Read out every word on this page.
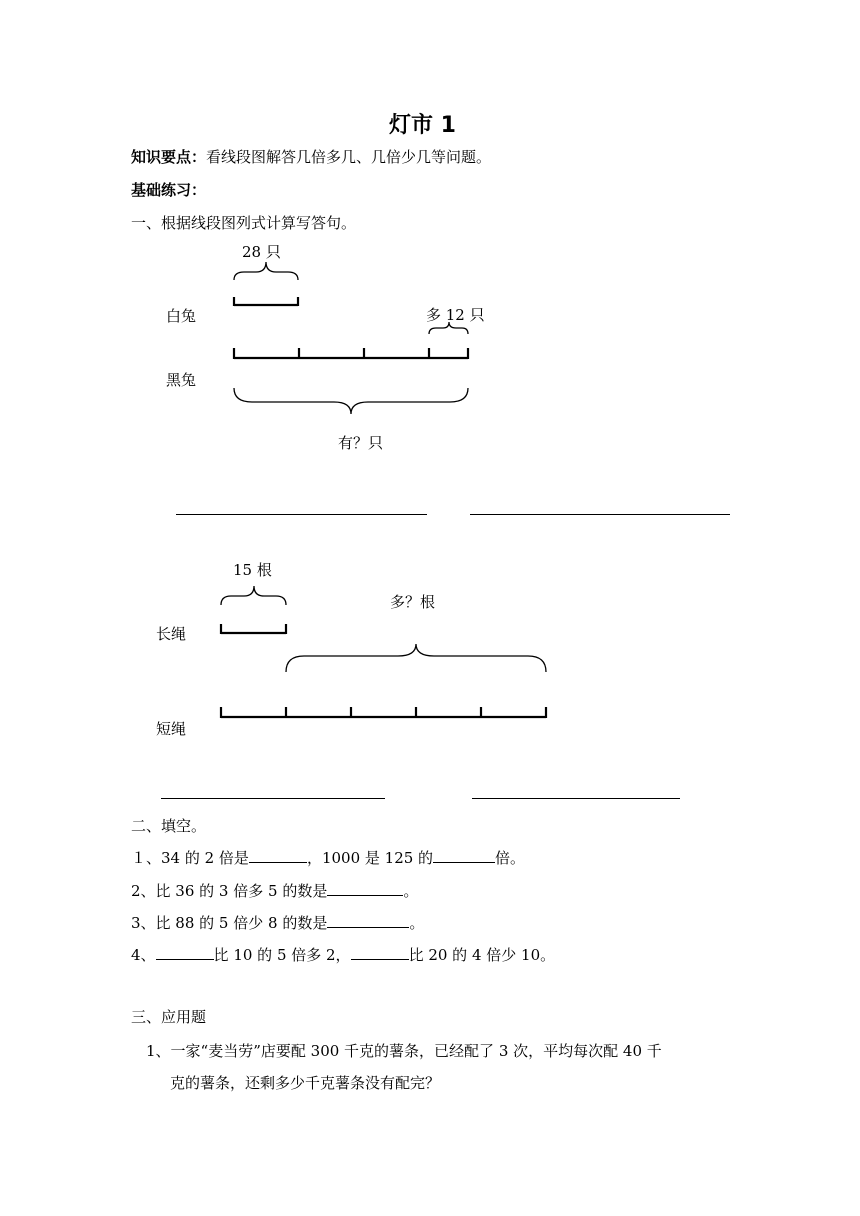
灯市 1
知识要点：看线段图解答几倍多几、几倍少几等问题。
基础练习：
一、根据线段图列式计算写答句。
28 只
白兔	多 12 只
黑兔
有？只
15 根
多？根
长绳
短绳
二、填空。
１、34 的 2 倍是	，1000 是 125 的	倍。
2、比 36 的 3 倍多 5 的数是	。
3、比 88 的 5 倍少 8 的数是	。
4、	比 10 的 5 倍多 2，	比 20 的 4 倍少 10。
三、应用题
1、一家“麦当劳”店要配 300 千克的薯条，已经配了 3 次，平均每次配 40 千
克的薯条，还剩多少千克薯条没有配完？
